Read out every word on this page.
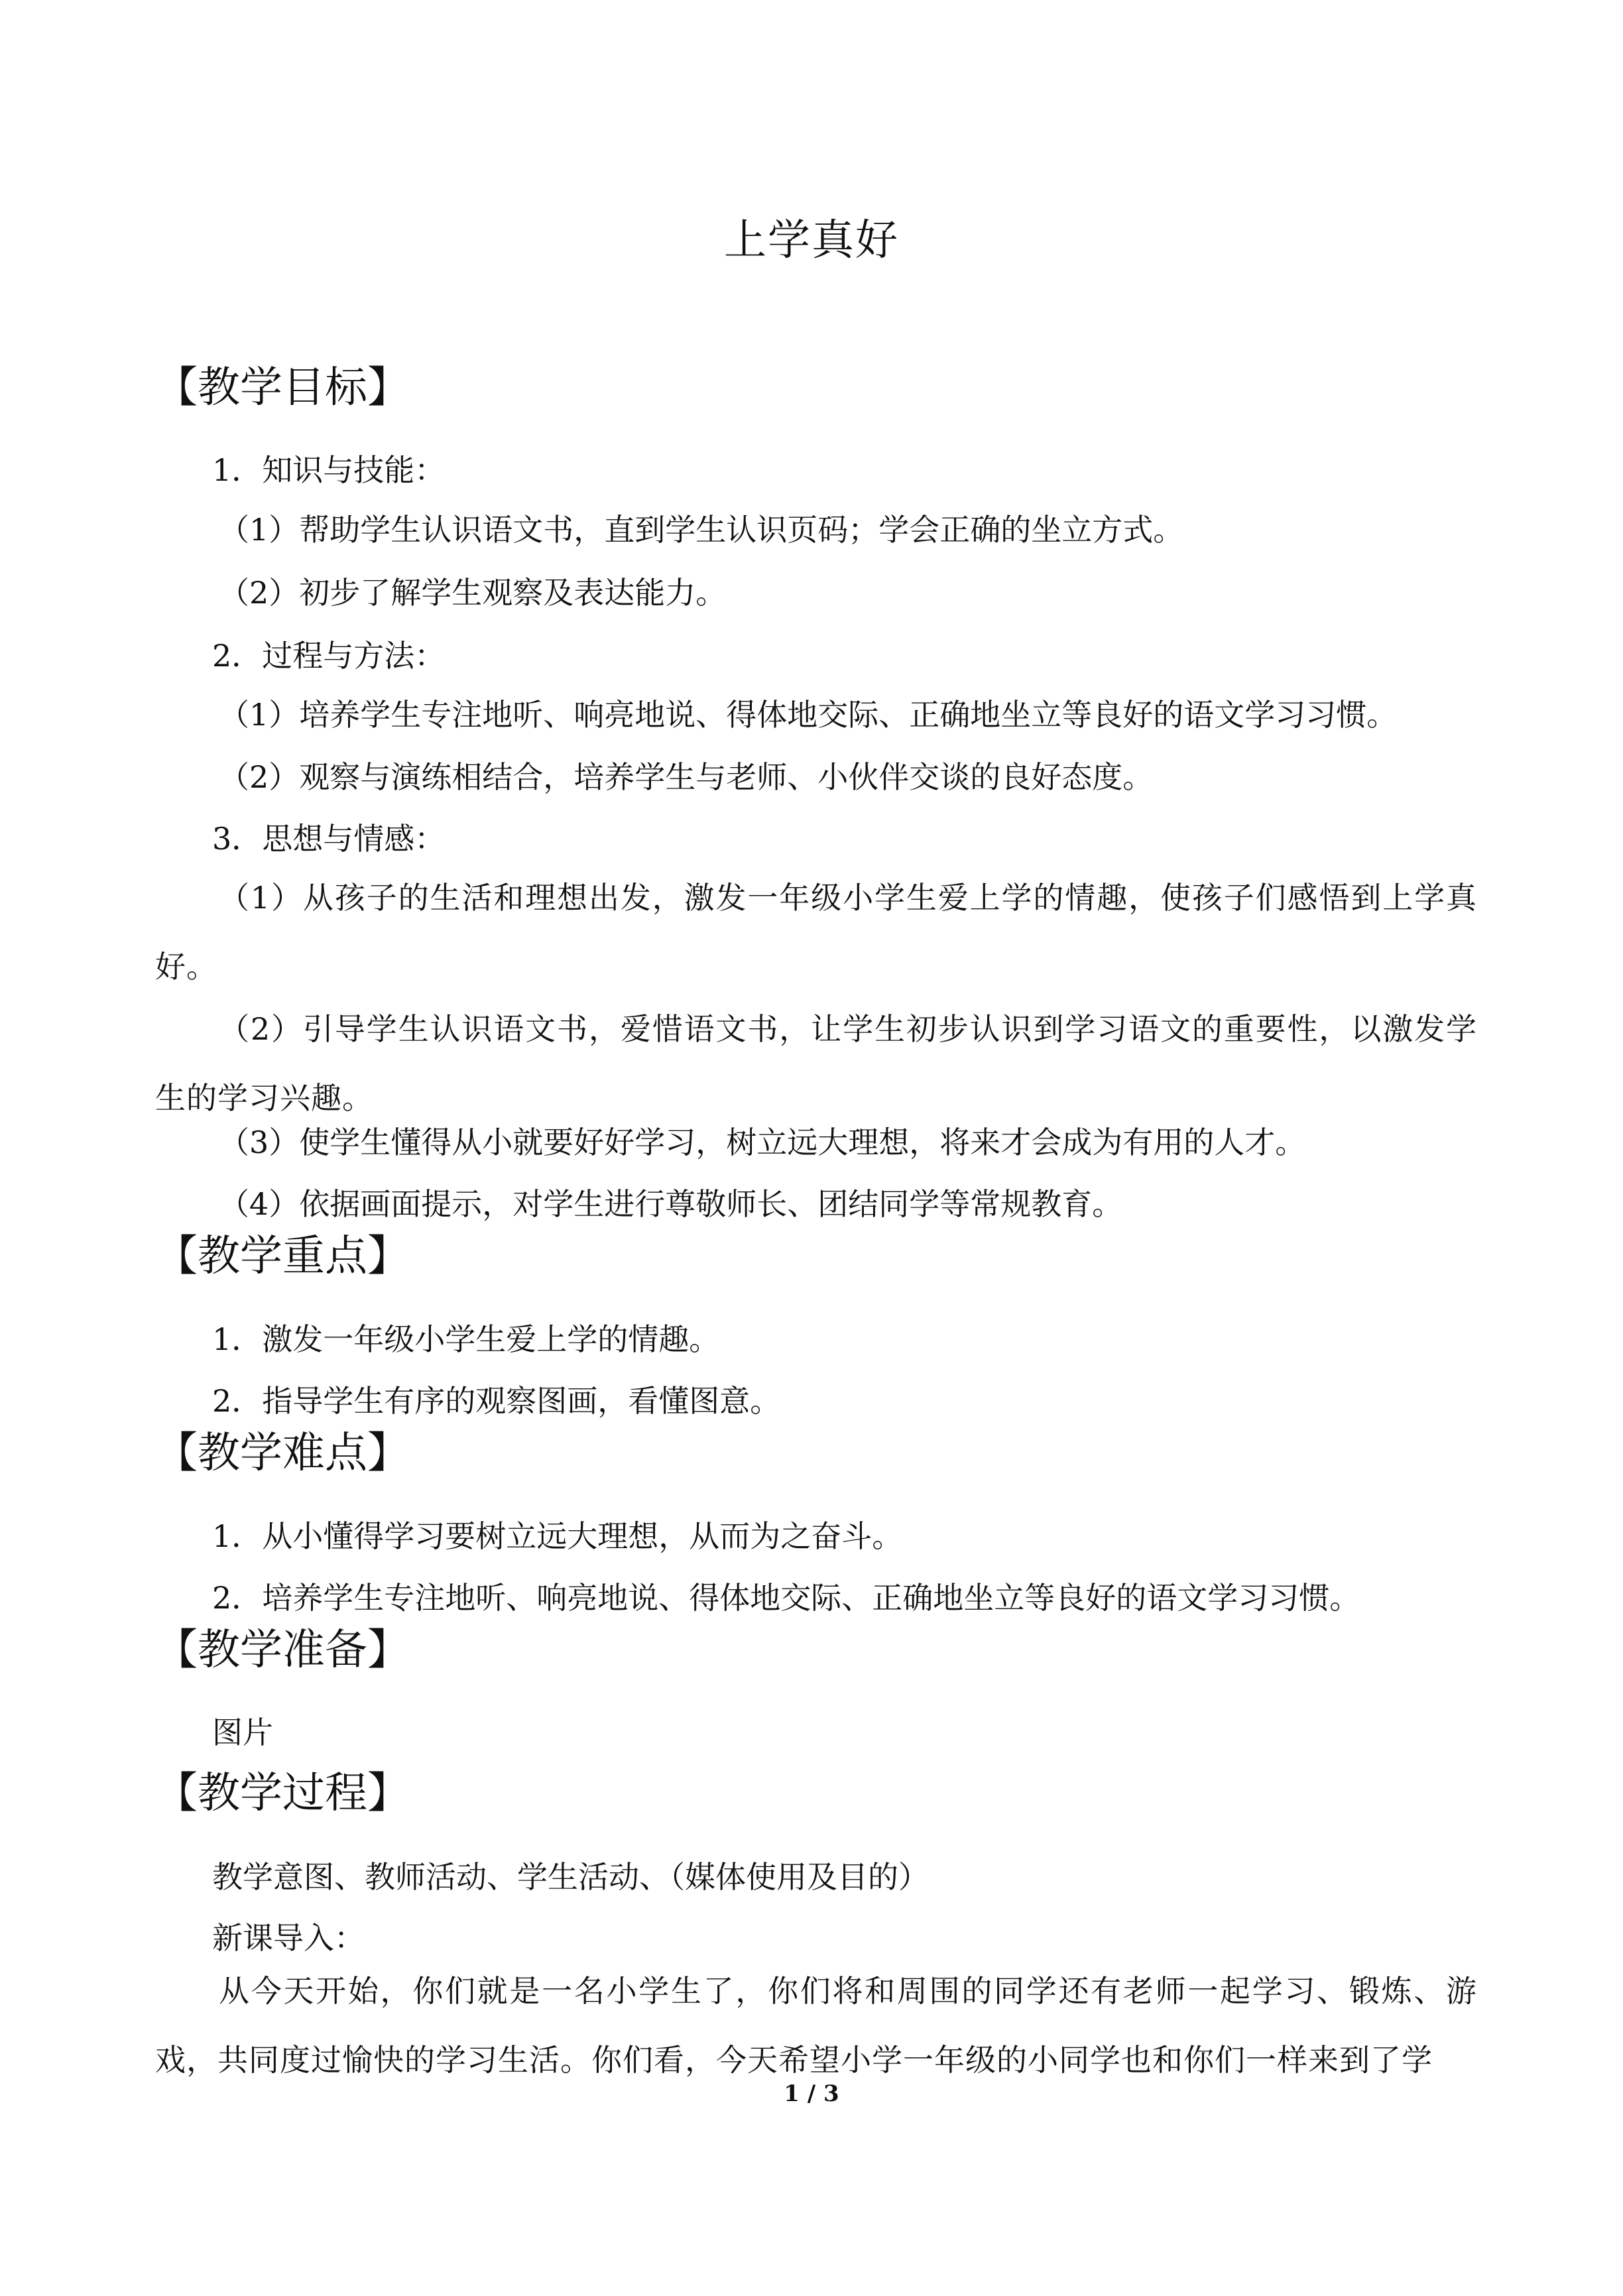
上学真好
【教学目标】
1．知识与技能：
（1）帮助学生认识语文书，直到学生认识页码；学会正确的坐立方式。
（2）初步了解学生观察及表达能力。
2．过程与方法：
（1）培养学生专注地听、响亮地说、得体地交际、正确地坐立等良好的语文学习习惯。
（2）观察与演练相结合，培养学生与老师、小伙伴交谈的良好态度。
3．思想与情感：
（1）从孩子的生活和理想出发，激发一年级小学生爱上学的情趣，使孩子们感悟到上学真好。
（2）引导学生认识语文书，爱惜语文书，让学生初步认识到学习语文的重要性，以激发学生的学习兴趣。
（3）使学生懂得从小就要好好学习，树立远大理想，将来才会成为有用的人才。
（4）依据画面提示，对学生进行尊敬师长、团结同学等常规教育。
【教学重点】
1．激发一年级小学生爱上学的情趣。
2．指导学生有序的观察图画，看懂图意。
【教学难点】
1．从小懂得学习要树立远大理想，从而为之奋斗。
2．培养学生专注地听、响亮地说、得体地交际、正确地坐立等良好的语文学习习惯。
【教学准备】
图片
【教学过程】
教学意图、教师活动、学生活动、（媒体使用及目的）
新课导入：
从今天开始，你们就是一名小学生了，你们将和周围的同学还有老师一起学习、锻炼、游戏，共同度过愉快的学习生活。你们看，今天希望小学一年级的小同学也和你们一样来到了学
1 / 3
